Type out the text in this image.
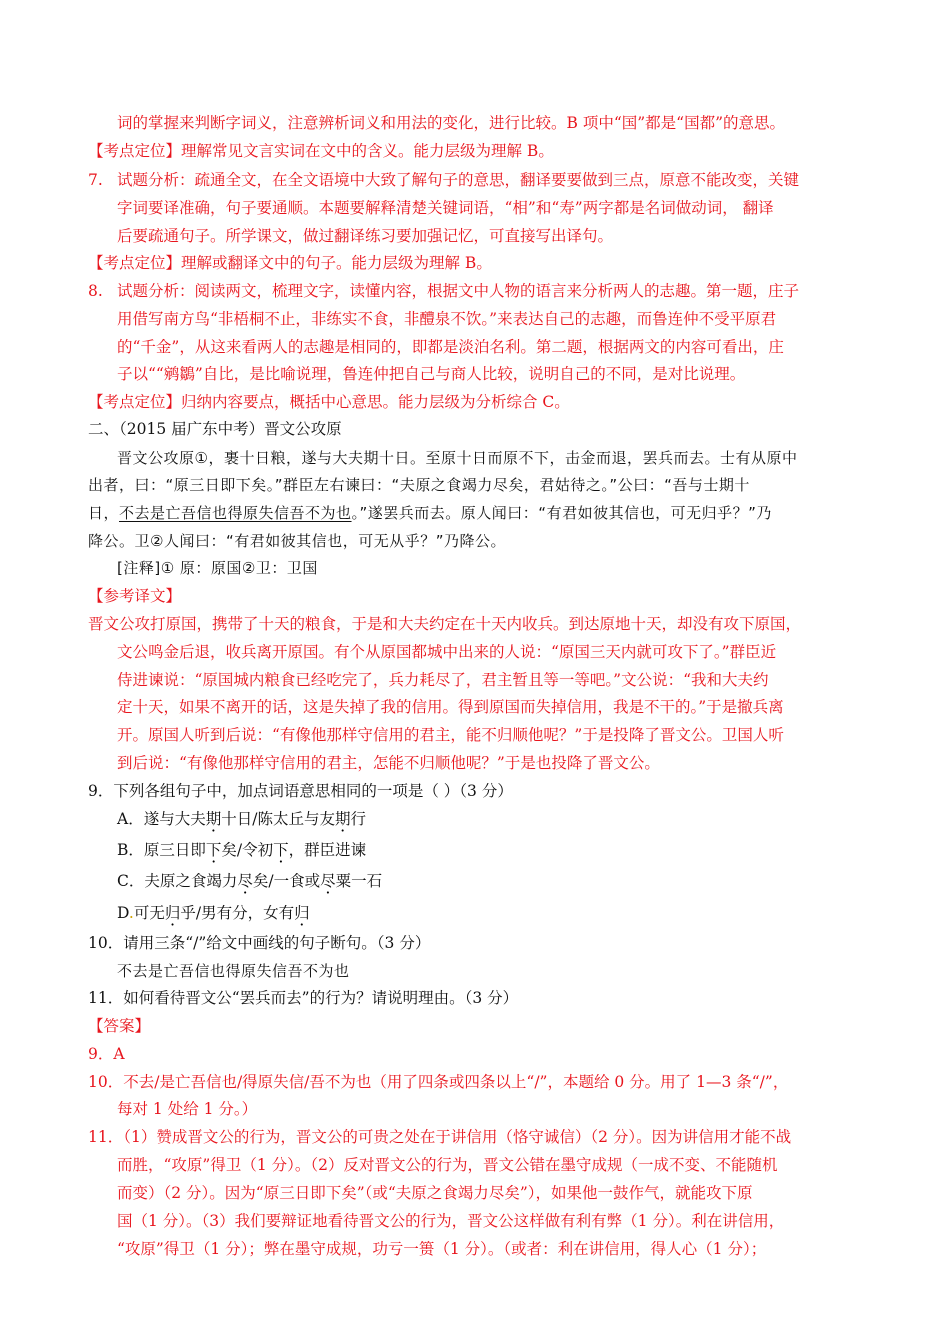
词的掌握来判断字词义，注意辨析词义和用法的变化，进行比较。B 项中“国”都是“国都”的意思。
【考点定位】理解常见文言实词在文中的含义。能力层级为理解 B。
7. 试题分析：疏通全文，在全文语境中大致了解句子的意思，翻译要要做到三点，原意不能改变，关键
字词要译准确，句子要通顺。本题要解释清楚关键词语，“相”和“寿”两字都是名词做动词， 翻译
后要疏通句子。所学课文，做过翻译练习要加强记忆，可直接写出译句。
【考点定位】理解或翻译文中的句子。能力层级为理解 B。
8. 试题分析：阅读两文，梳理文字，读懂内容，根据文中人物的语言来分析两人的志趣。第一题，庄子
用借写南方鸟“非梧桐不止，非练实不食，非醴泉不饮。”来表达自己的志趣，而鲁连仲不受平原君
的“千金”，从这来看两人的志趣是相同的，即都是淡泊名利。第二题，根据两文的内容可看出，庄
子以““鹓鶵”自比，是比喻说理，鲁连仲把自己与商人比较，说明自己的不同，是对比说理。
【考点定位】归纳内容要点，概括中心意思。能力层级为分析综合 C。
二、（2015 届广东中考）晋文公攻原
晋文公攻原①，裹十日粮，遂与大夫期十日。至原十日而原不下，击金而退，罢兵而去。士有从原中
出者，曰：“原三日即下矣。”群臣左右谏曰：“夫原之食竭力尽矣，君姑待之。”公曰：“吾与士期十
日，不去是亡吾信也得原失信吾不为也。”遂罢兵而去。原人闻曰：“有君如彼其信也，可无归乎？”乃
降公。卫②人闻曰：“有君如彼其信也，可无从乎？”乃降公。
[注释]① 原：原国②卫：卫国
【参考译文】
晋文公攻打原国，携带了十天的粮食，于是和大夫约定在十天内收兵。到达原地十天，却没有攻下原国，
文公鸣金后退，收兵离开原国。有个从原国都城中出来的人说：“原国三天内就可攻下了。”群臣近
侍进谏说：“原国城内粮食已经吃完了，兵力耗尽了，君主暂且等一等吧。”文公说：“我和大夫约
定十天，如果不离开的话，这是失掉了我的信用。得到原国而失掉信用，我是不干的。”于是撤兵离
开。原国人听到后说：“有像他那样守信用的君主，能不归顺他呢？”于是投降了晋文公。卫国人听
到后说：“有像他那样守信用的君主，怎能不归顺他呢？”于是也投降了晋文公。
9．下列各组句子中，加点词语意思相同的一项是（ ）（3 分）
A．遂与大夫期十日/陈太丘与友期行
B．原三日即下矣/令初下，群臣进谏
C．夫原之食竭力尽矣/一食或尽粟一石
D.可无归乎/男有分，女有归
10．请用三条“/”给文中画线的句子断句。（3 分）
不去是亡吾信也得原失信吾不为也
11．如何看待晋文公“罢兵而去”的行为？请说明理由。（3 分）
【答案】
9．A
10．不去/是亡吾信也/得原失信/吾不为也（用了四条或四条以上“/”，本题给 0 分。用了 1—3 条“/”，
每对 1 处给 1 分。）
11．（1）赞成晋文公的行为，晋文公的可贵之处在于讲信用（恪守诚信）（2 分）。因为讲信用才能不战
而胜，“攻原”得卫（1 分）。（2）反对晋文公的行为，晋文公错在墨守成规（一成不变、不能随机
而变）（2 分）。因为“原三日即下矣”（或“夫原之食竭力尽矣”），如果他一鼓作气，就能攻下原
国（1 分）。（3）我们要辩证地看待晋文公的行为，晋文公这样做有利有弊（1 分）。利在讲信用，
“攻原”得卫（1 分）；弊在墨守成规，功亏一篑（1 分）。（或者：利在讲信用，得人心（1 分）；
